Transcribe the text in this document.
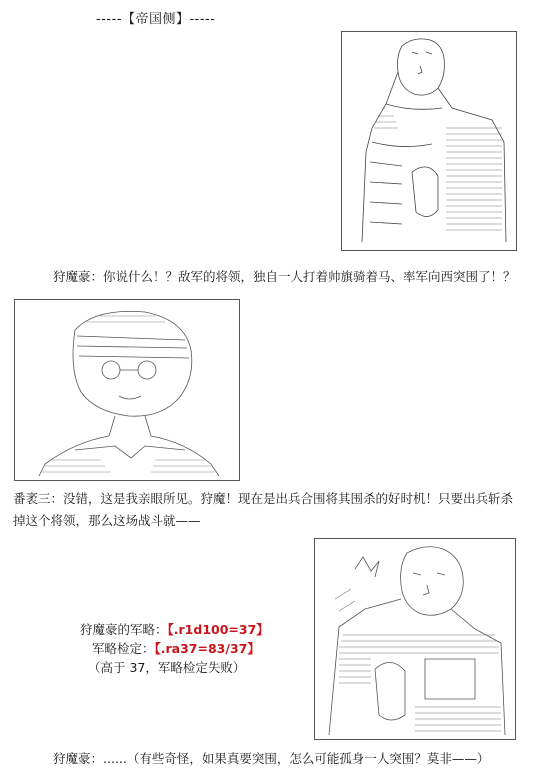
-----【帝国侧】-----
狩魔豪：你说什么！？敌军的将领，独自一人打着帅旗骑着马、率军向西突围了！？
番袤三：没错，这是我亲眼所见。狩魔！现在是出兵合围将其围杀的好时机！只要出兵斩杀
掉这个将领，那么这场战斗就——
狩魔豪的军略：【.r1d100=37】
军略检定：【.ra37=83/37】
（高于 37，军略检定失败）
狩魔豪：......（有些奇怪，如果真要突围，怎么可能孤身一人突围？莫非——）
